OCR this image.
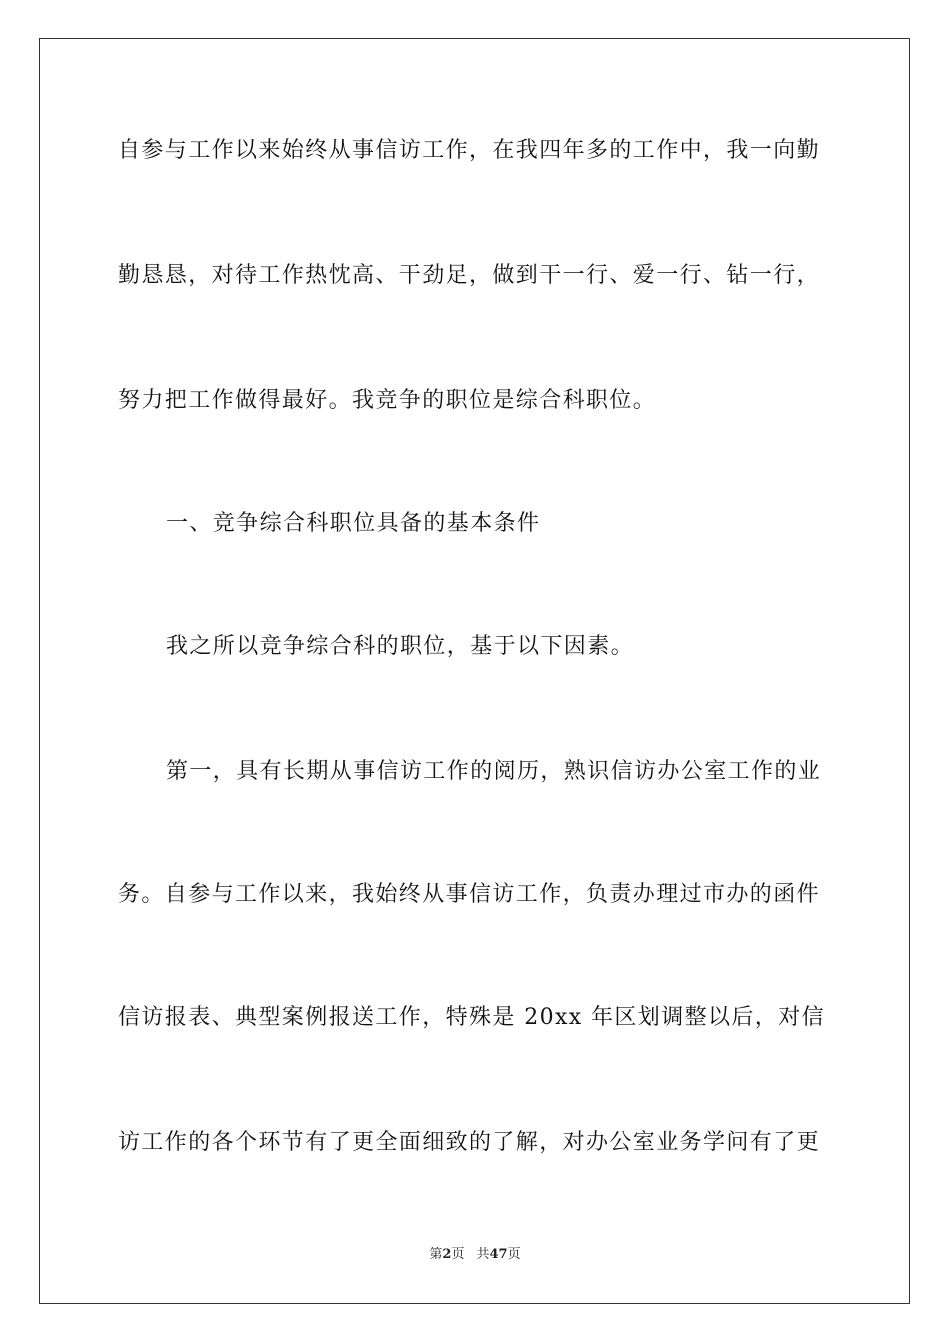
自参与工作以来始终从事信访工作，在我四年多的工作中，我一向勤
勤恳恳，对待工作热忱高、干劲足，做到干一行、爱一行、钻一行，
努力把工作做得最好。我竞争的职位是综合科职位。
一、竞争综合科职位具备的基本条件
我之所以竞争综合科的职位，基于以下因素。
第一，具有长期从事信访工作的阅历，熟识信访办公室工作的业
务。自参与工作以来，我始终从事信访工作，负责办理过市办的函件
信访报表、典型案例报送工作，特殊是 20xx 年区划调整以后，对信
访工作的各个环节有了更全面细致的了解，对办公室业务学问有了更
第2页 共47页
